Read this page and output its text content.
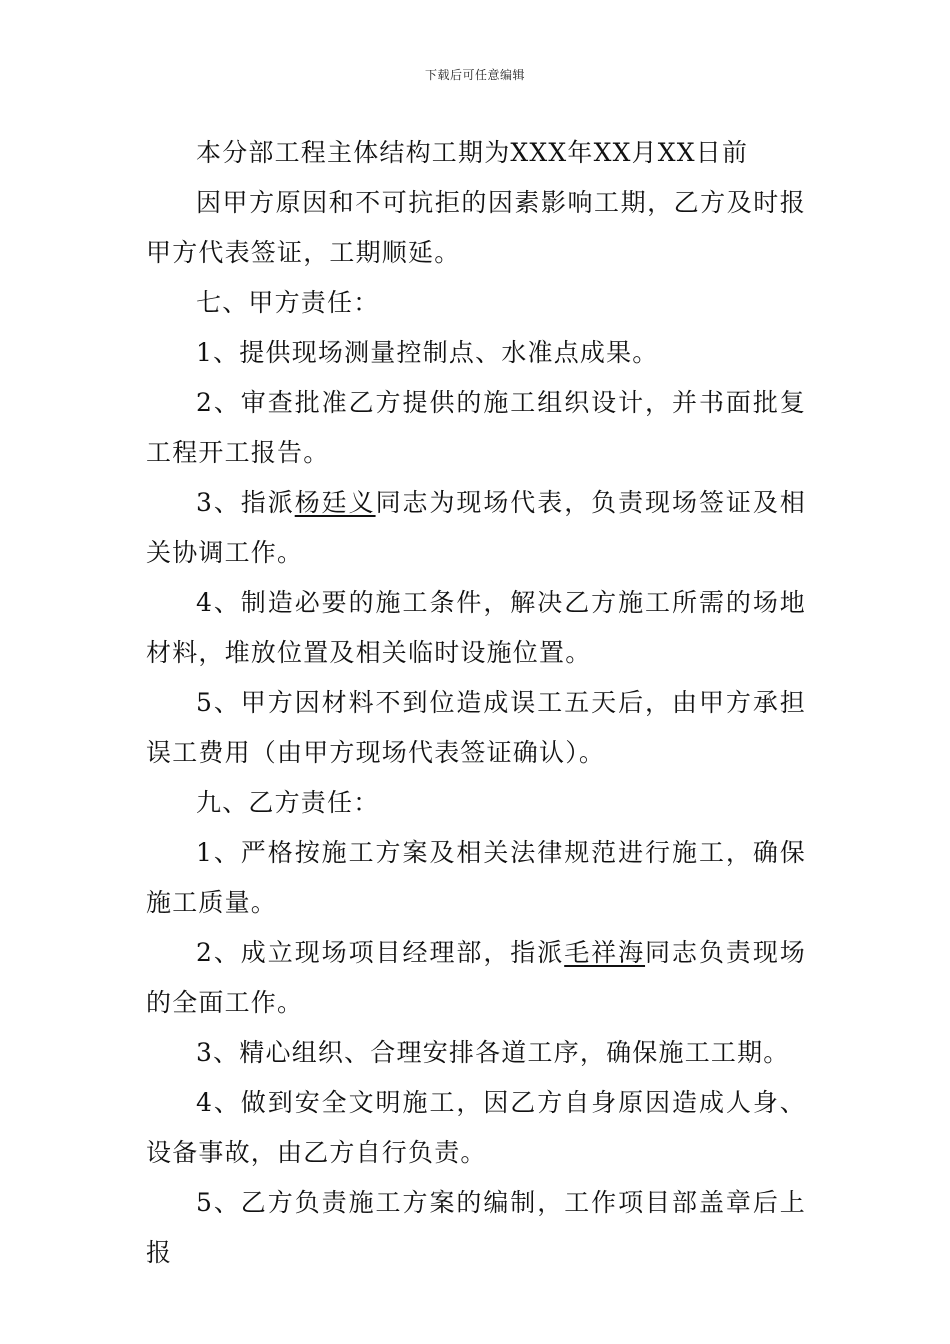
下载后可任意编辑

本分部工程主体结构工期为XXX年XX月XX日前

因甲方原因和不可抗拒的因素影响工期，乙方及时报甲方代表签证，工期顺延。

七、甲方责任：

1、提供现场测量控制点、水准点成果。

2、审查批准乙方提供的施工组织设计，并书面批复工程开工报告。

3、指派杨廷义同志为现场代表，负责现场签证及相关协调工作。

4、制造必要的施工条件，解决乙方施工所需的场地材料，堆放位置及相关临时设施位置。

5、甲方因材料不到位造成误工五天后，由甲方承担误工费用（由甲方现场代表签证确认）。

九、乙方责任：

1、严格按施工方案及相关法律规范进行施工，确保施工质量。

2、成立现场项目经理部，指派毛祥海同志负责现场的全面工作。

3、精心组织、合理安排各道工序，确保施工工期。

4、做到安全文明施工，因乙方自身原因造成人身、设备事故，由乙方自行负责。

5、乙方负责施工方案的编制，工作项目部盖章后上报
